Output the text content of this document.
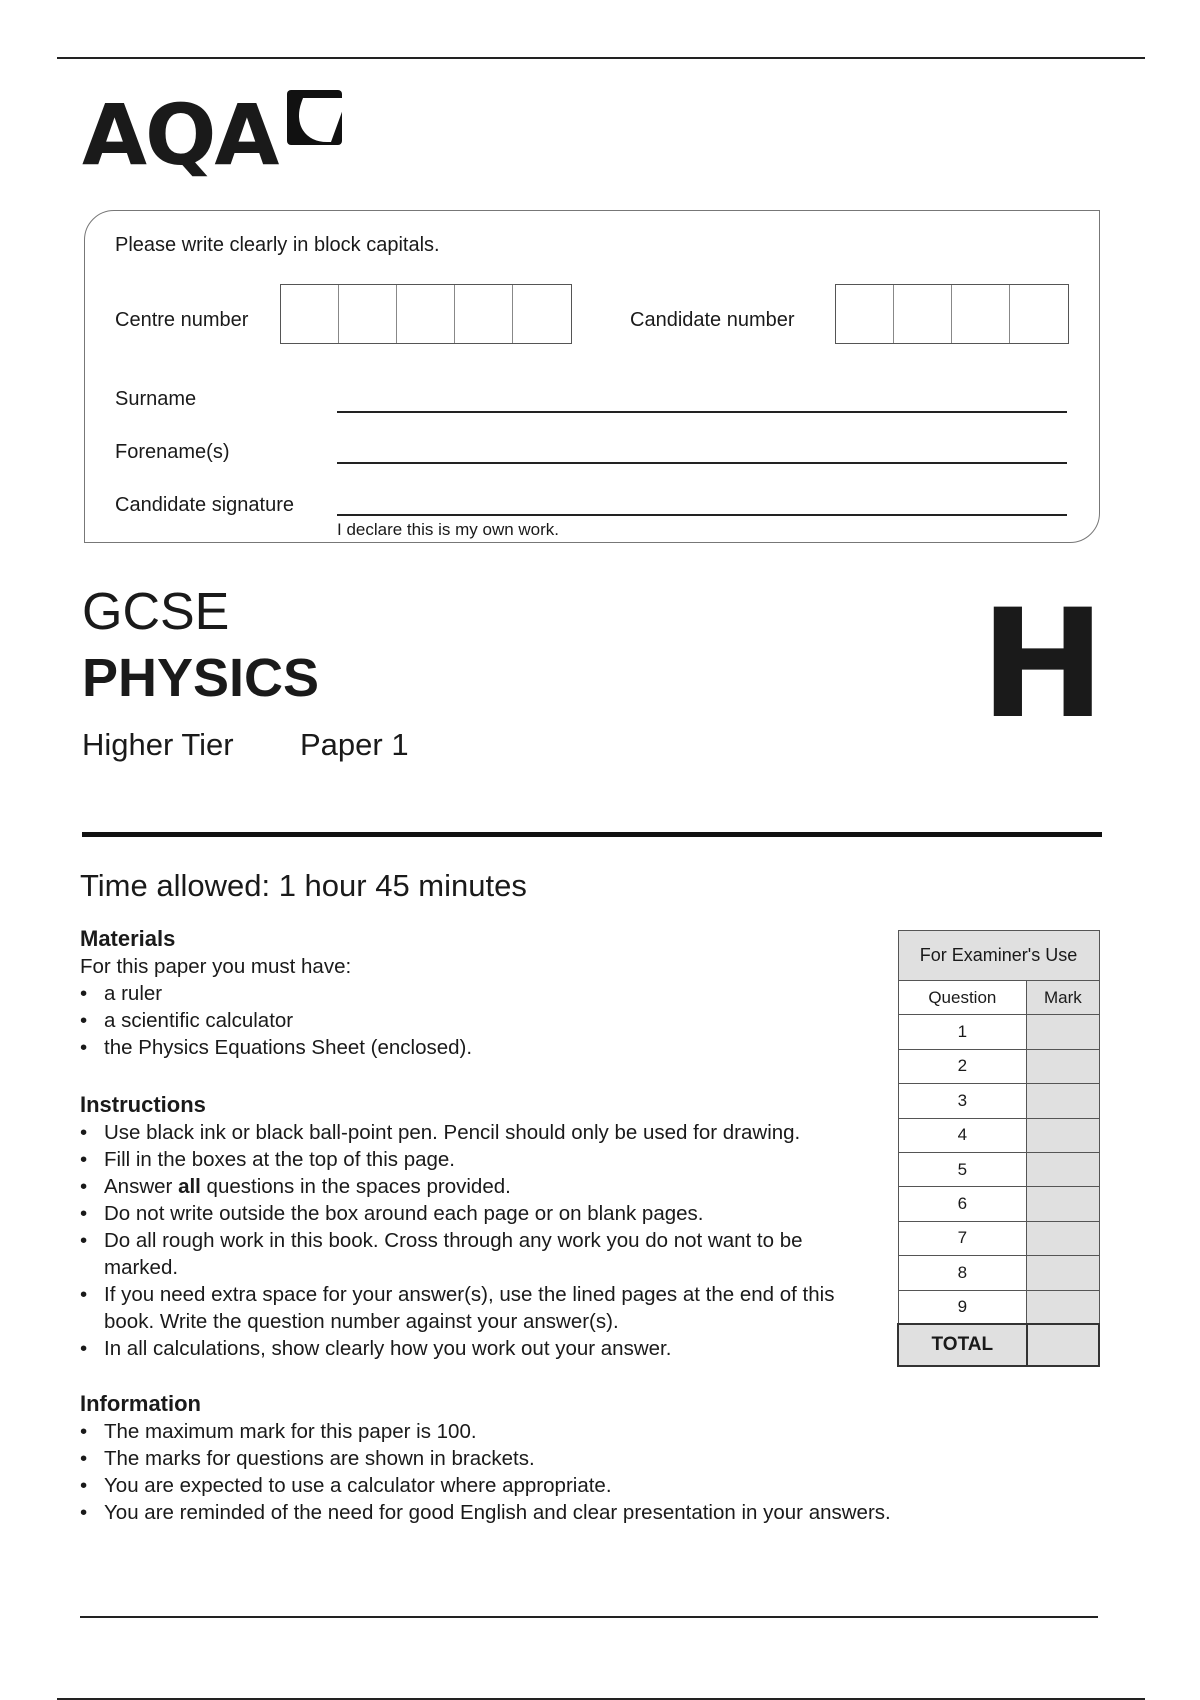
AQA
Please write clearly in block capitals.
Centre number	Candidate number
Surname
Forename(s)
Candidate signature
I declare this is my own work.
GCSE
PHYSICS
Higher Tier Paper 1	H
Time allowed: 1 hour 45 minutes
Materials
For this paper you must have:
• a ruler
• a scientific calculator
• the Physics Equations Sheet (enclosed).
Instructions
• Use black ink or black ball-point pen. Pencil should only be used for drawing.
• Fill in the boxes at the top of this page.
• Answer all questions in the spaces provided.
• Do not write outside the box around each page or on blank pages.
• Do all rough work in this book. Cross through any work you do not want to be marked.
• If you need extra space for your answer(s), use the lined pages at the end of this book. Write the question number against your answer(s).
• In all calculations, show clearly how you work out your answer.
Information
• The maximum mark for this paper is 100.
• The marks for questions are shown in brackets.
• You are expected to use a calculator where appropriate.
• You are reminded of the need for good English and clear presentation in your answers.
For Examiner's Use	
Question	Mark
1	
2	
3	
4	
5	
6	
7	
8	
9	
TOTAL	
